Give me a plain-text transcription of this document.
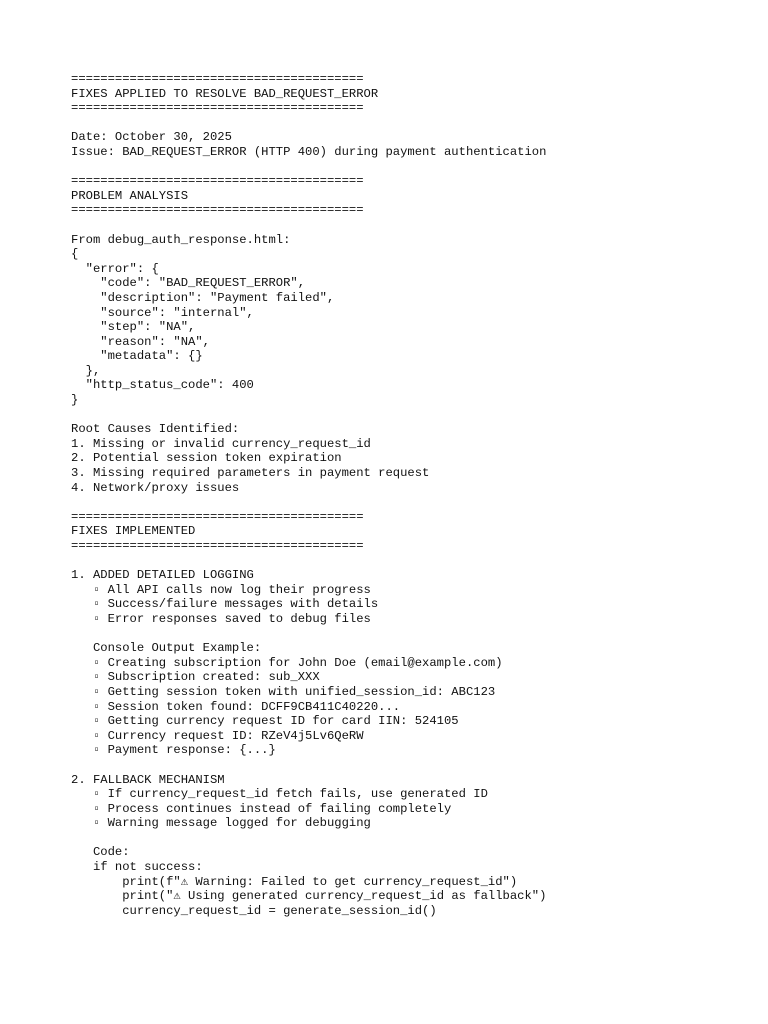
========================================
FIXES APPLIED TO RESOLVE BAD_REQUEST_ERROR
========================================
Date: October 30, 2025
Issue: BAD_REQUEST_ERROR (HTTP 400) during payment authentication
========================================
PROBLEM ANALYSIS
========================================
From debug_auth_response.html:
{
"error": {
"code": "BAD_REQUEST_ERROR",
"description": "Payment failed",
"source": "internal",
"step": "NA",
"reason": "NA",
"metadata": {}
},
"http_status_code": 400
}
Root Causes Identified:
1. Missing or invalid currency_request_id
2. Potential session token expiration
3. Missing required parameters in payment request
4. Network/proxy issues
========================================
FIXES IMPLEMENTED
========================================
1. ADDED DETAILED LOGGING
▫ All API calls now log their progress
▫ Success/failure messages with details
▫ Error responses saved to debug files
Console Output Example:
▫ Creating subscription for John Doe (email@example.com)
▫ Subscription created: sub_XXX
▫ Getting session token with unified_session_id: ABC123
▫ Session token found: DCFF9CB411C40220...
▫ Getting currency request ID for card IIN: 524105
▫ Currency request ID: RZeV4j5Lv6QeRW
▫ Payment response: {...}
2. FALLBACK MECHANISM
▫ If currency_request_id fetch fails, use generated ID
▫ Process continues instead of failing completely
▫ Warning message logged for debugging
Code:
if not success:
print(f"⚠ Warning: Failed to get currency_request_id")
print("⚠ Using generated currency_request_id as fallback")
currency_request_id = generate_session_id()
